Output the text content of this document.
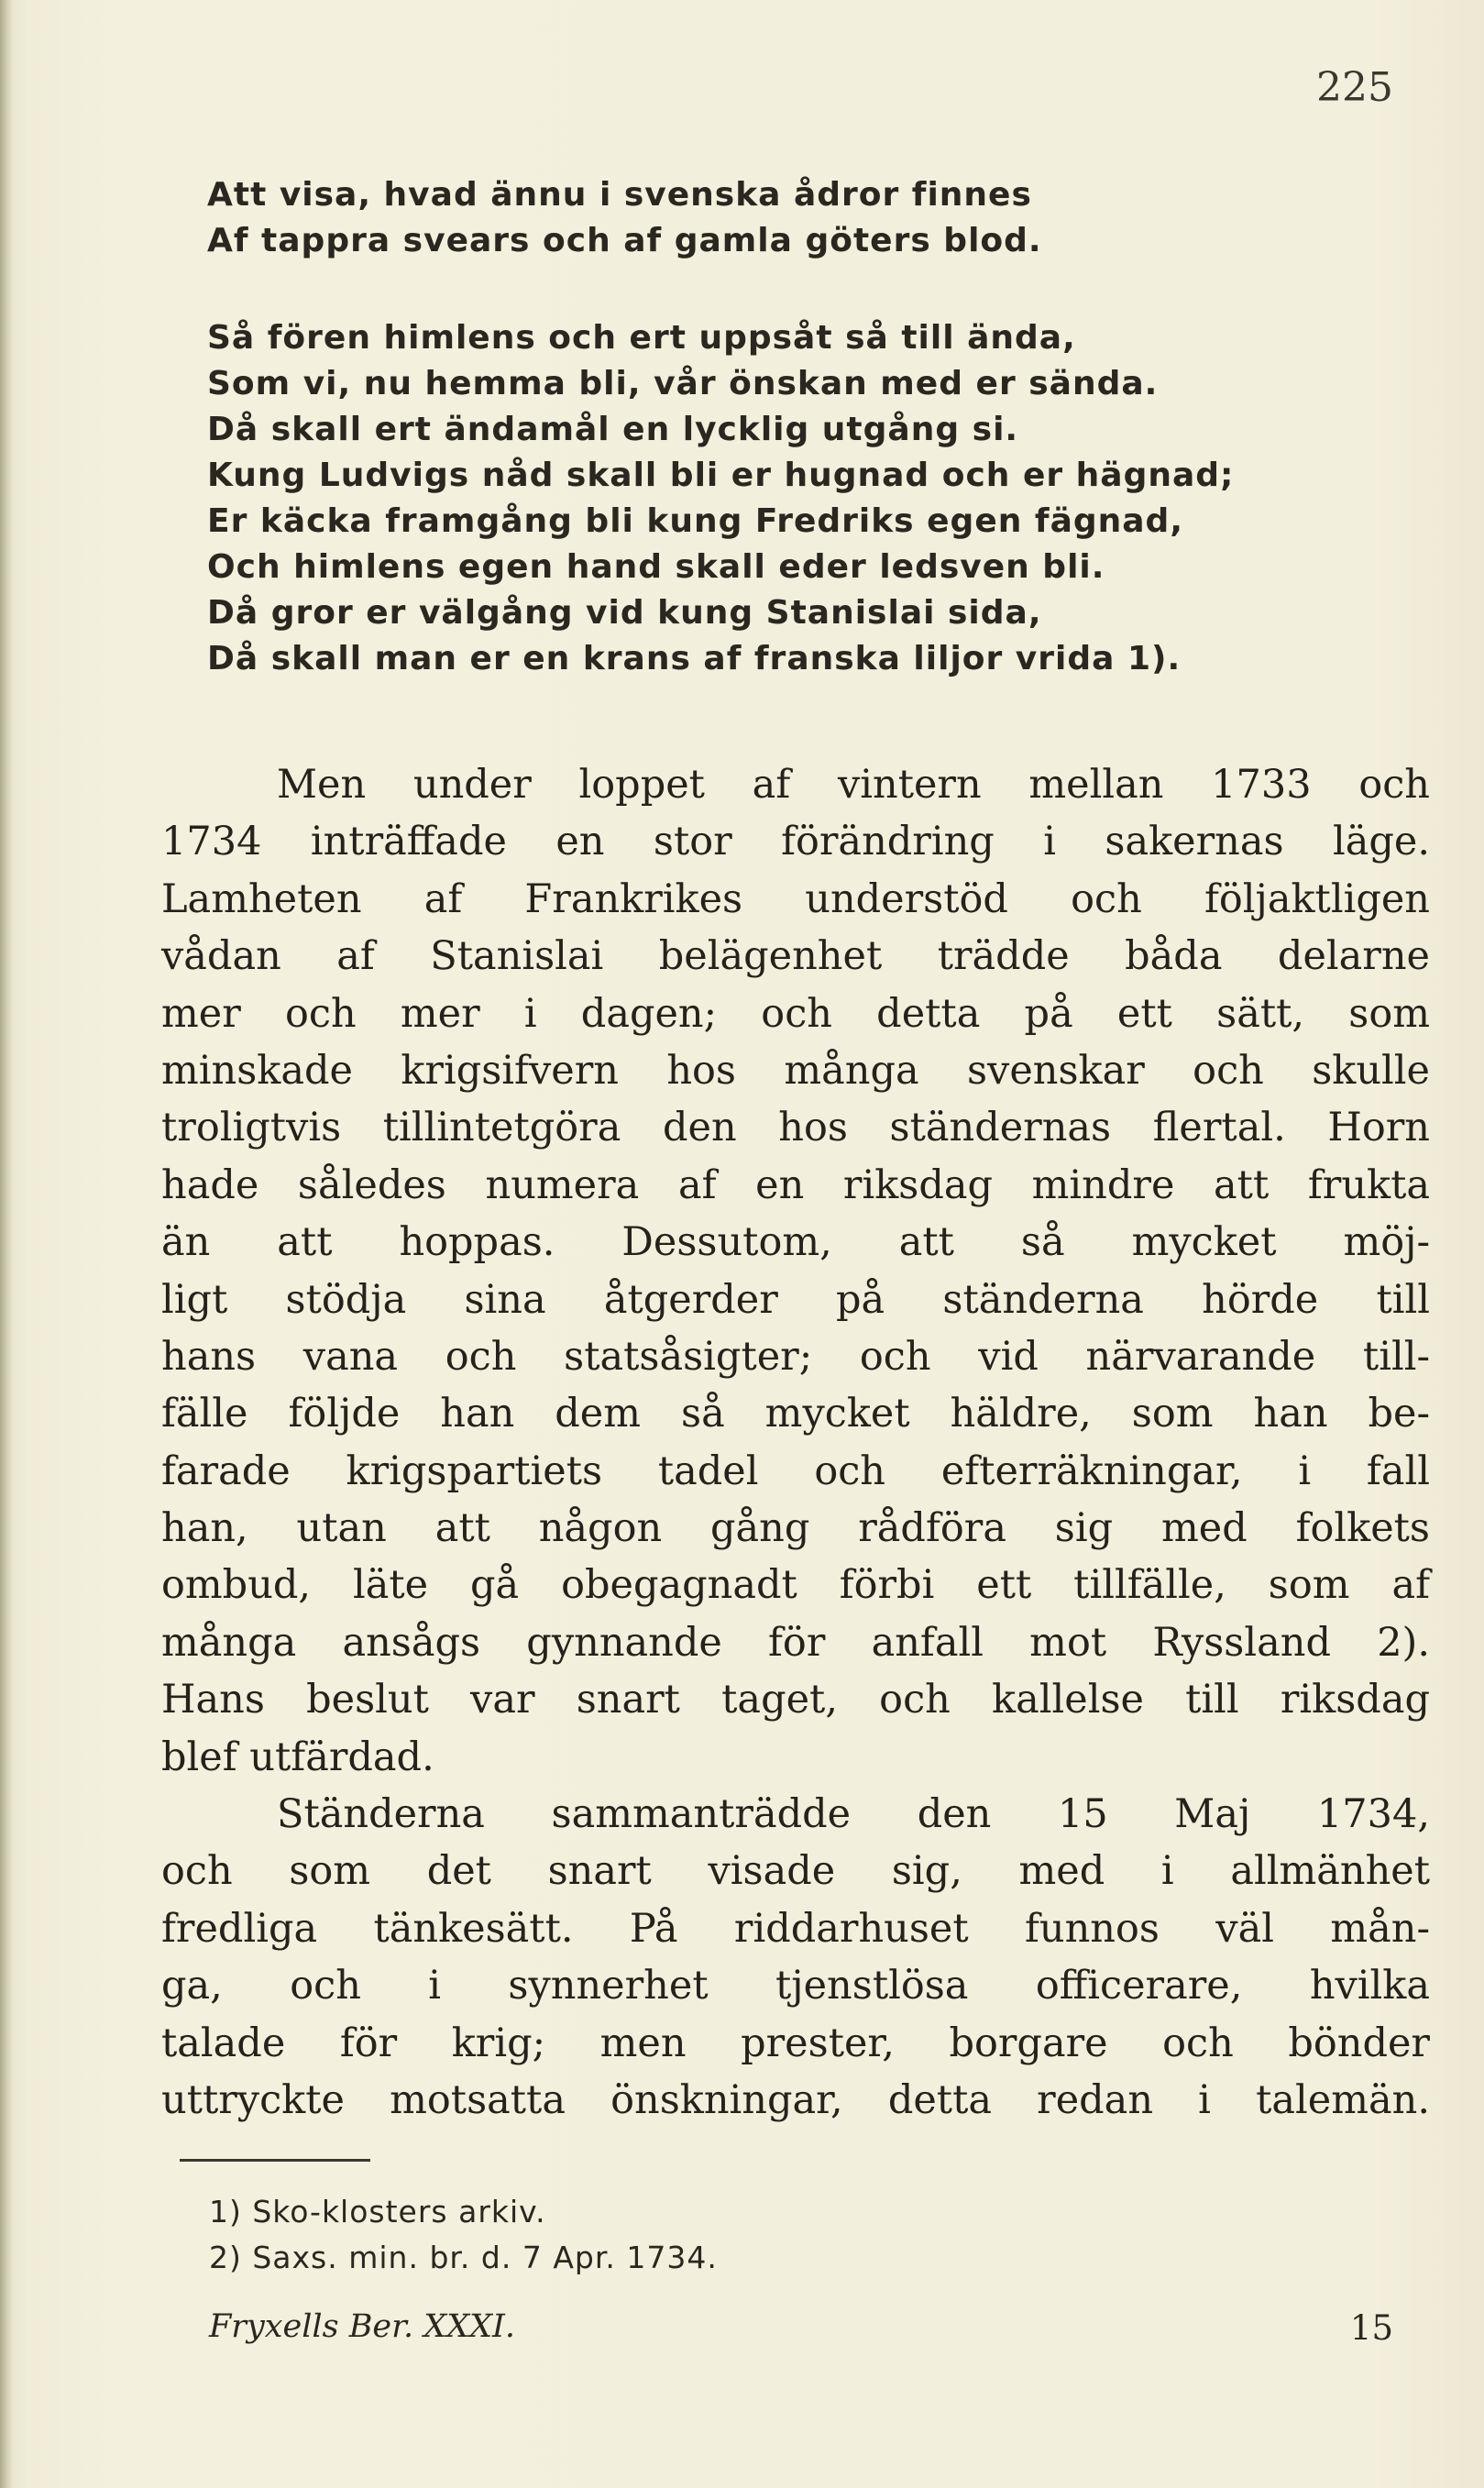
225
Att visa, hvad ännu i svenska ådror finnes
Af tappra svears och af gamla göters blod.
Så fören himlens och ert uppsåt så till ända,
Som vi, nu hemma bli, vår önskan med er sända.
Då skall ert ändamål en lycklig utgång si.
Kung Ludvigs nåd skall bli er hugnad och er hägnad;
Er käcka framgång bli kung Fredriks egen fägnad,
Och himlens egen hand skall eder ledsven bli.
Då gror er välgång vid kung Stanislai sida,
Då skall man er en krans af franska liljor vrida 1).
Men under loppet af vintern mellan 1733 och
1734 inträffade en stor förändring i sakernas läge.
Lamheten af Frankrikes understöd och följaktligen
vådan af Stanislai belägenhet trädde båda delarne
mer och mer i dagen; och detta på ett sätt, som
minskade krigsifvern hos många svenskar och skulle
troligtvis tillintetgöra den hos ständernas flertal. Horn
hade således numera af en riksdag mindre att frukta
än att hoppas. Dessutom, att så mycket möj-
ligt stödja sina åtgerder på ständerna hörde till
hans vana och statsåsigter; och vid närvarande till-
fälle följde han dem så mycket häldre, som han be-
farade krigspartiets tadel och efterräkningar, i fall
han, utan att någon gång rådföra sig med folkets
ombud, läte gå obegagnadt förbi ett tillfälle, som af
många ansågs gynnande för anfall mot Ryssland 2).
Hans beslut var snart taget, och kallelse till riksdag
blef utfärdad.
Ständerna sammanträdde den 15 Maj 1734,
och som det snart visade sig, med i allmänhet
fredliga tänkesätt. På riddarhuset funnos väl mån-
ga, och i synnerhet tjenstlösa officerare, hvilka
talade för krig; men prester, borgare och bönder
uttryckte motsatta önskningar, detta redan i talemän.
1) Sko-klosters arkiv.
2) Saxs. min. br. d. 7 Apr. 1734.
Fryxells Ber. XXXI.	15
